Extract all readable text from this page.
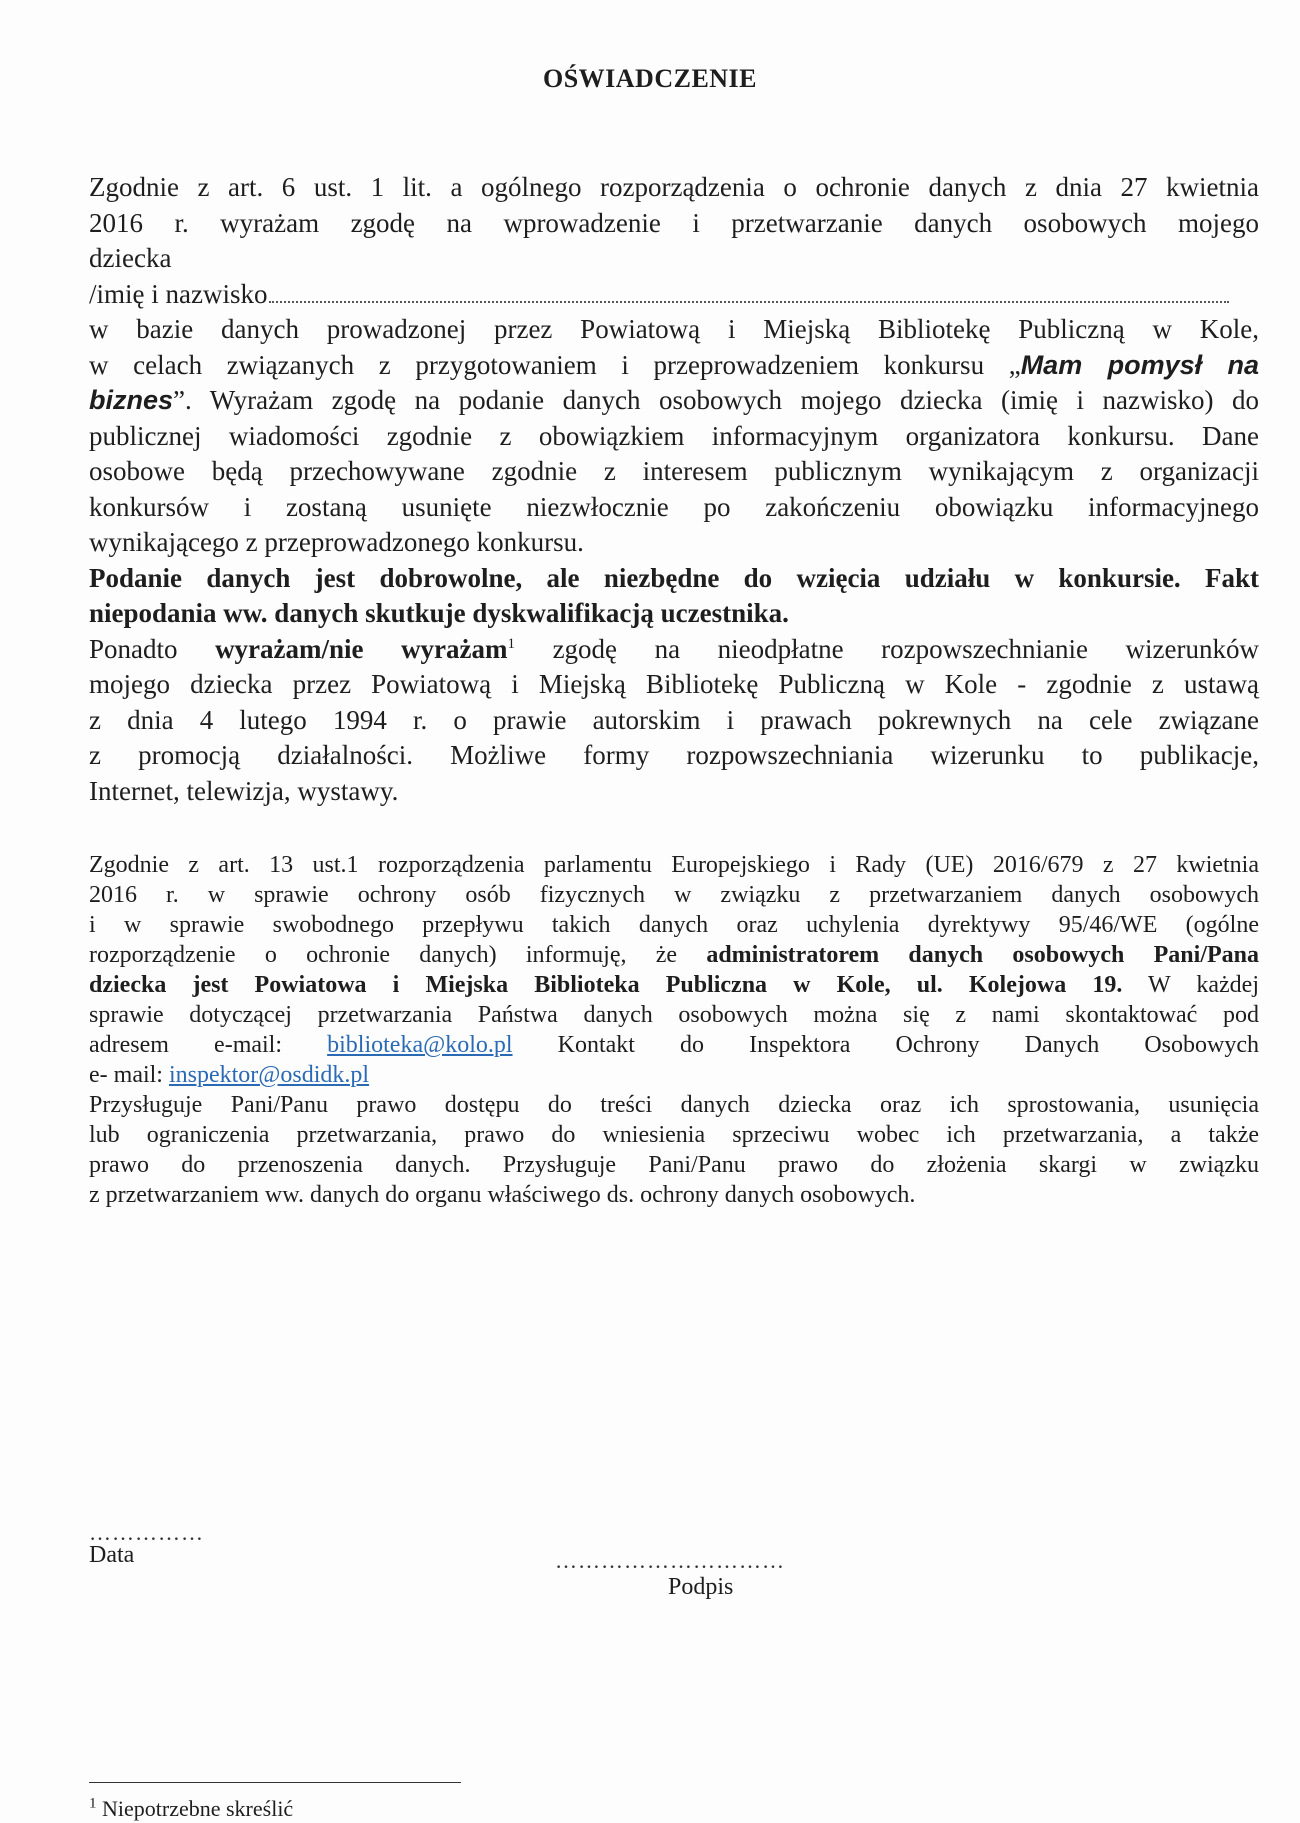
OŚWIADCZENIE
Zgodnie z art. 6 ust. 1 lit. a ogólnego rozporządzenia o ochronie danych z dnia 27 kwietnia
2016 r. wyrażam zgodę na wprowadzenie i przetwarzanie danych osobowych mojego
dziecka
/imię i nazwisko
w bazie danych prowadzonej przez Powiatową i Miejską Bibliotekę Publiczną w Kole,
w celach związanych z przygotowaniem i przeprowadzeniem konkursu „Mam pomysł na
biznes”. Wyrażam zgodę na podanie danych osobowych mojego dziecka (imię i nazwisko) do
publicznej wiadomości zgodnie z obowiązkiem informacyjnym organizatora konkursu. Dane
osobowe będą przechowywane zgodnie z interesem publicznym wynikającym z organizacji
konkursów i zostaną usunięte niezwłocznie po zakończeniu obowiązku informacyjnego
wynikającego z przeprowadzonego konkursu.
Podanie danych jest dobrowolne, ale niezbędne do wzięcia udziału w konkursie. Fakt
niepodania ww. danych skutkuje dyskwalifikacją uczestnika.
Ponadto wyrażam/nie wyrażam$^1$ zgodę na nieodpłatne rozpowszechnianie wizerunków
mojego dziecka przez Powiatową i Miejską Bibliotekę Publiczną w Kole - zgodnie z ustawą
z dnia 4 lutego 1994 r. o prawie autorskim i prawach pokrewnych na cele związane
z promocją działalności. Możliwe formy rozpowszechniania wizerunku to publikacje,
Internet, telewizja, wystawy.
Zgodnie z art. 13 ust.1 rozporządzenia parlamentu Europejskiego i Rady (UE) 2016/679 z 27 kwietnia
2016 r. w sprawie ochrony osób fizycznych w związku z przetwarzaniem danych osobowych
i w sprawie swobodnego przepływu takich danych oraz uchylenia dyrektywy 95/46/WE (ogólne
rozporządzenie o ochronie danych) informuję, że administratorem danych osobowych Pani/Pana
dziecka jest Powiatowa i Miejska Biblioteka Publiczna w Kole, ul. Kolejowa 19. W każdej
sprawie dotyczącej przetwarzania Państwa danych osobowych można się z nami skontaktować pod
adresem e-mail: biblioteka@kolo.pl Kontakt do Inspektora Ochrony Danych Osobowych
e- mail: inspektor@osdidk.pl
Przysługuje Pani/Panu prawo dostępu do treści danych dziecka oraz ich sprostowania, usunięcia
lub ograniczenia przetwarzania, prawo do wniesienia sprzeciwu wobec ich przetwarzania, a także
prawo do przenoszenia danych. Przysługuje Pani/Panu prawo do złożenia skargi w związku
z przetwarzaniem ww. danych do organu właściwego ds. ochrony danych osobowych.
……………
Data	…………………………
Podpis
$^1$ Niepotrzebne skreślić
